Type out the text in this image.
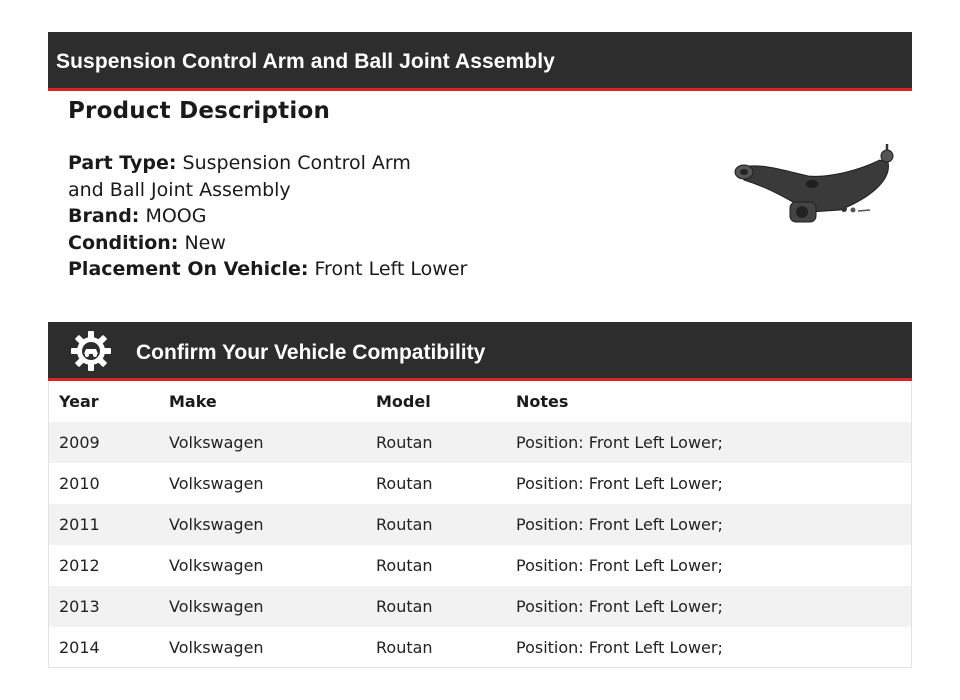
Suspension Control Arm and Ball Joint Assembly
Product Description
Part Type: Suspension Control Arm and Ball Joint Assembly
Brand: MOOG
Condition: New
Placement On Vehicle: Front Left Lower
Confirm Your Vehicle Compatibility
Year	Make	Model	Notes
2009	Volkswagen	Routan	Position: Front Left Lower;
2010	Volkswagen	Routan	Position: Front Left Lower;
2011	Volkswagen	Routan	Position: Front Left Lower;
2012	Volkswagen	Routan	Position: Front Left Lower;
2013	Volkswagen	Routan	Position: Front Left Lower;
2014	Volkswagen	Routan	Position: Front Left Lower;
